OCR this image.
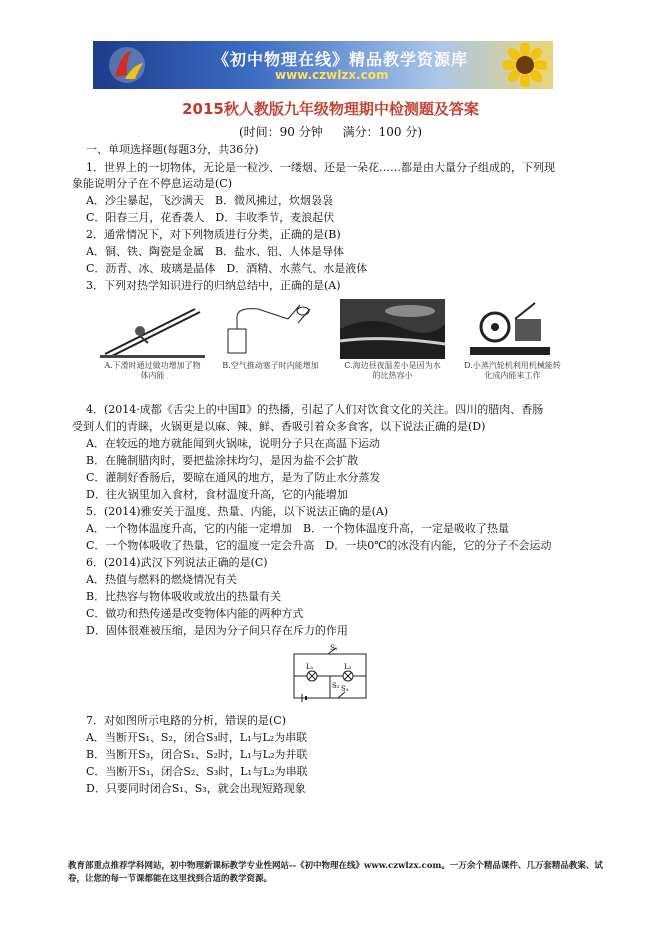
《初中物理在线》精品教学资源库
www.czwlzx.com
2015秋人教版九年级物理期中检测题及答案
(时间：90 分钟 满分：100 分)
一、单项选择题(每题3分，共36分)
1．世界上的一切物体，无论是一粒沙、一缕烟、还是一朵花……都是由大量分子组成的，下列现
象能说明分子在不停息运动是(C)
A．沙尘暴起，飞沙满天　B．微风拂过，炊烟袅袅
C．阳春三月，花香袭人　D．丰收季节，麦浪起伏
2．通常情况下，对下列物质进行分类，正确的是(B)
A．铜、铁、陶瓷是金属　B．盐水、铝、人体是导体
C．沥青、冰、玻璃是晶体　D．酒精、水蒸气、水是液体
3．下列对热学知识进行的归纳总结中，正确的是(A)
A.下滑时通过做功增加了物体内能
B.空气推动塞子时内能增加	C.海边昼夜温差小是因为水的比热容小
D.小蒸汽轮机利用机械能转化成内能来工作
4．(2014·成都《舌尖上的中国Ⅱ》的热播，引起了人们对饮食文化的关注。四川的腊肉、香肠
受到人们的青睐，火锅更是以麻、辣、鲜、香吸引着众多食客，以下说法正确的是(D)
A．在较远的地方就能闻到火锅味，说明分子只在高温下运动
B．在腌制腊肉时，要把盐涂抹均匀，是因为盐不会扩散
C．灌制好香肠后，要晾在通风的地方，是为了防止水分蒸发
D．往火锅里加入食材，食材温度升高，它的内能增加
5．(2014)雅安关于温度、热量、内能，以下说法正确的是(A)
A．一个物体温度升高，它的内能一定增加　B．一个物体温度升高，一定是吸收了热量
C．一个物体吸收了热量，它的温度一定会升高　D．一块0℃的冰没有内能，它的分子不会运动
6．(2014)武汉下列说法正确的是(C)
A．热值与燃料的燃烧情况有关
B．比热容与物体吸收或放出的热量有关
C．做功和热传递是改变物体内能的两种方式
D．固体很难被压缩，是因为分子间只存在斥力的作用
S₁
L₁	L₂
S₂ S₃
7．对如图所示电路的分析，错误的是(C)
A．当断开S₁、S₂，闭合S₃时，L₁与L₂为串联
B．当断开S₃，闭合S₁、S₂时，L₁与L₂为并联
C．当断开S₁，闭合S₂、S₃时，L₁与L₂为串联
D．只要同时闭合S₁、S₃，就会出现短路现象
教育部重点推荐学科网站，初中物理新课标教学专业性网站--《初中物理在线》www.czwlzx.com。一万余个精品课件、几万套精品教案、试卷，让您的每一节课都能在这里找到合适的教学资源。
